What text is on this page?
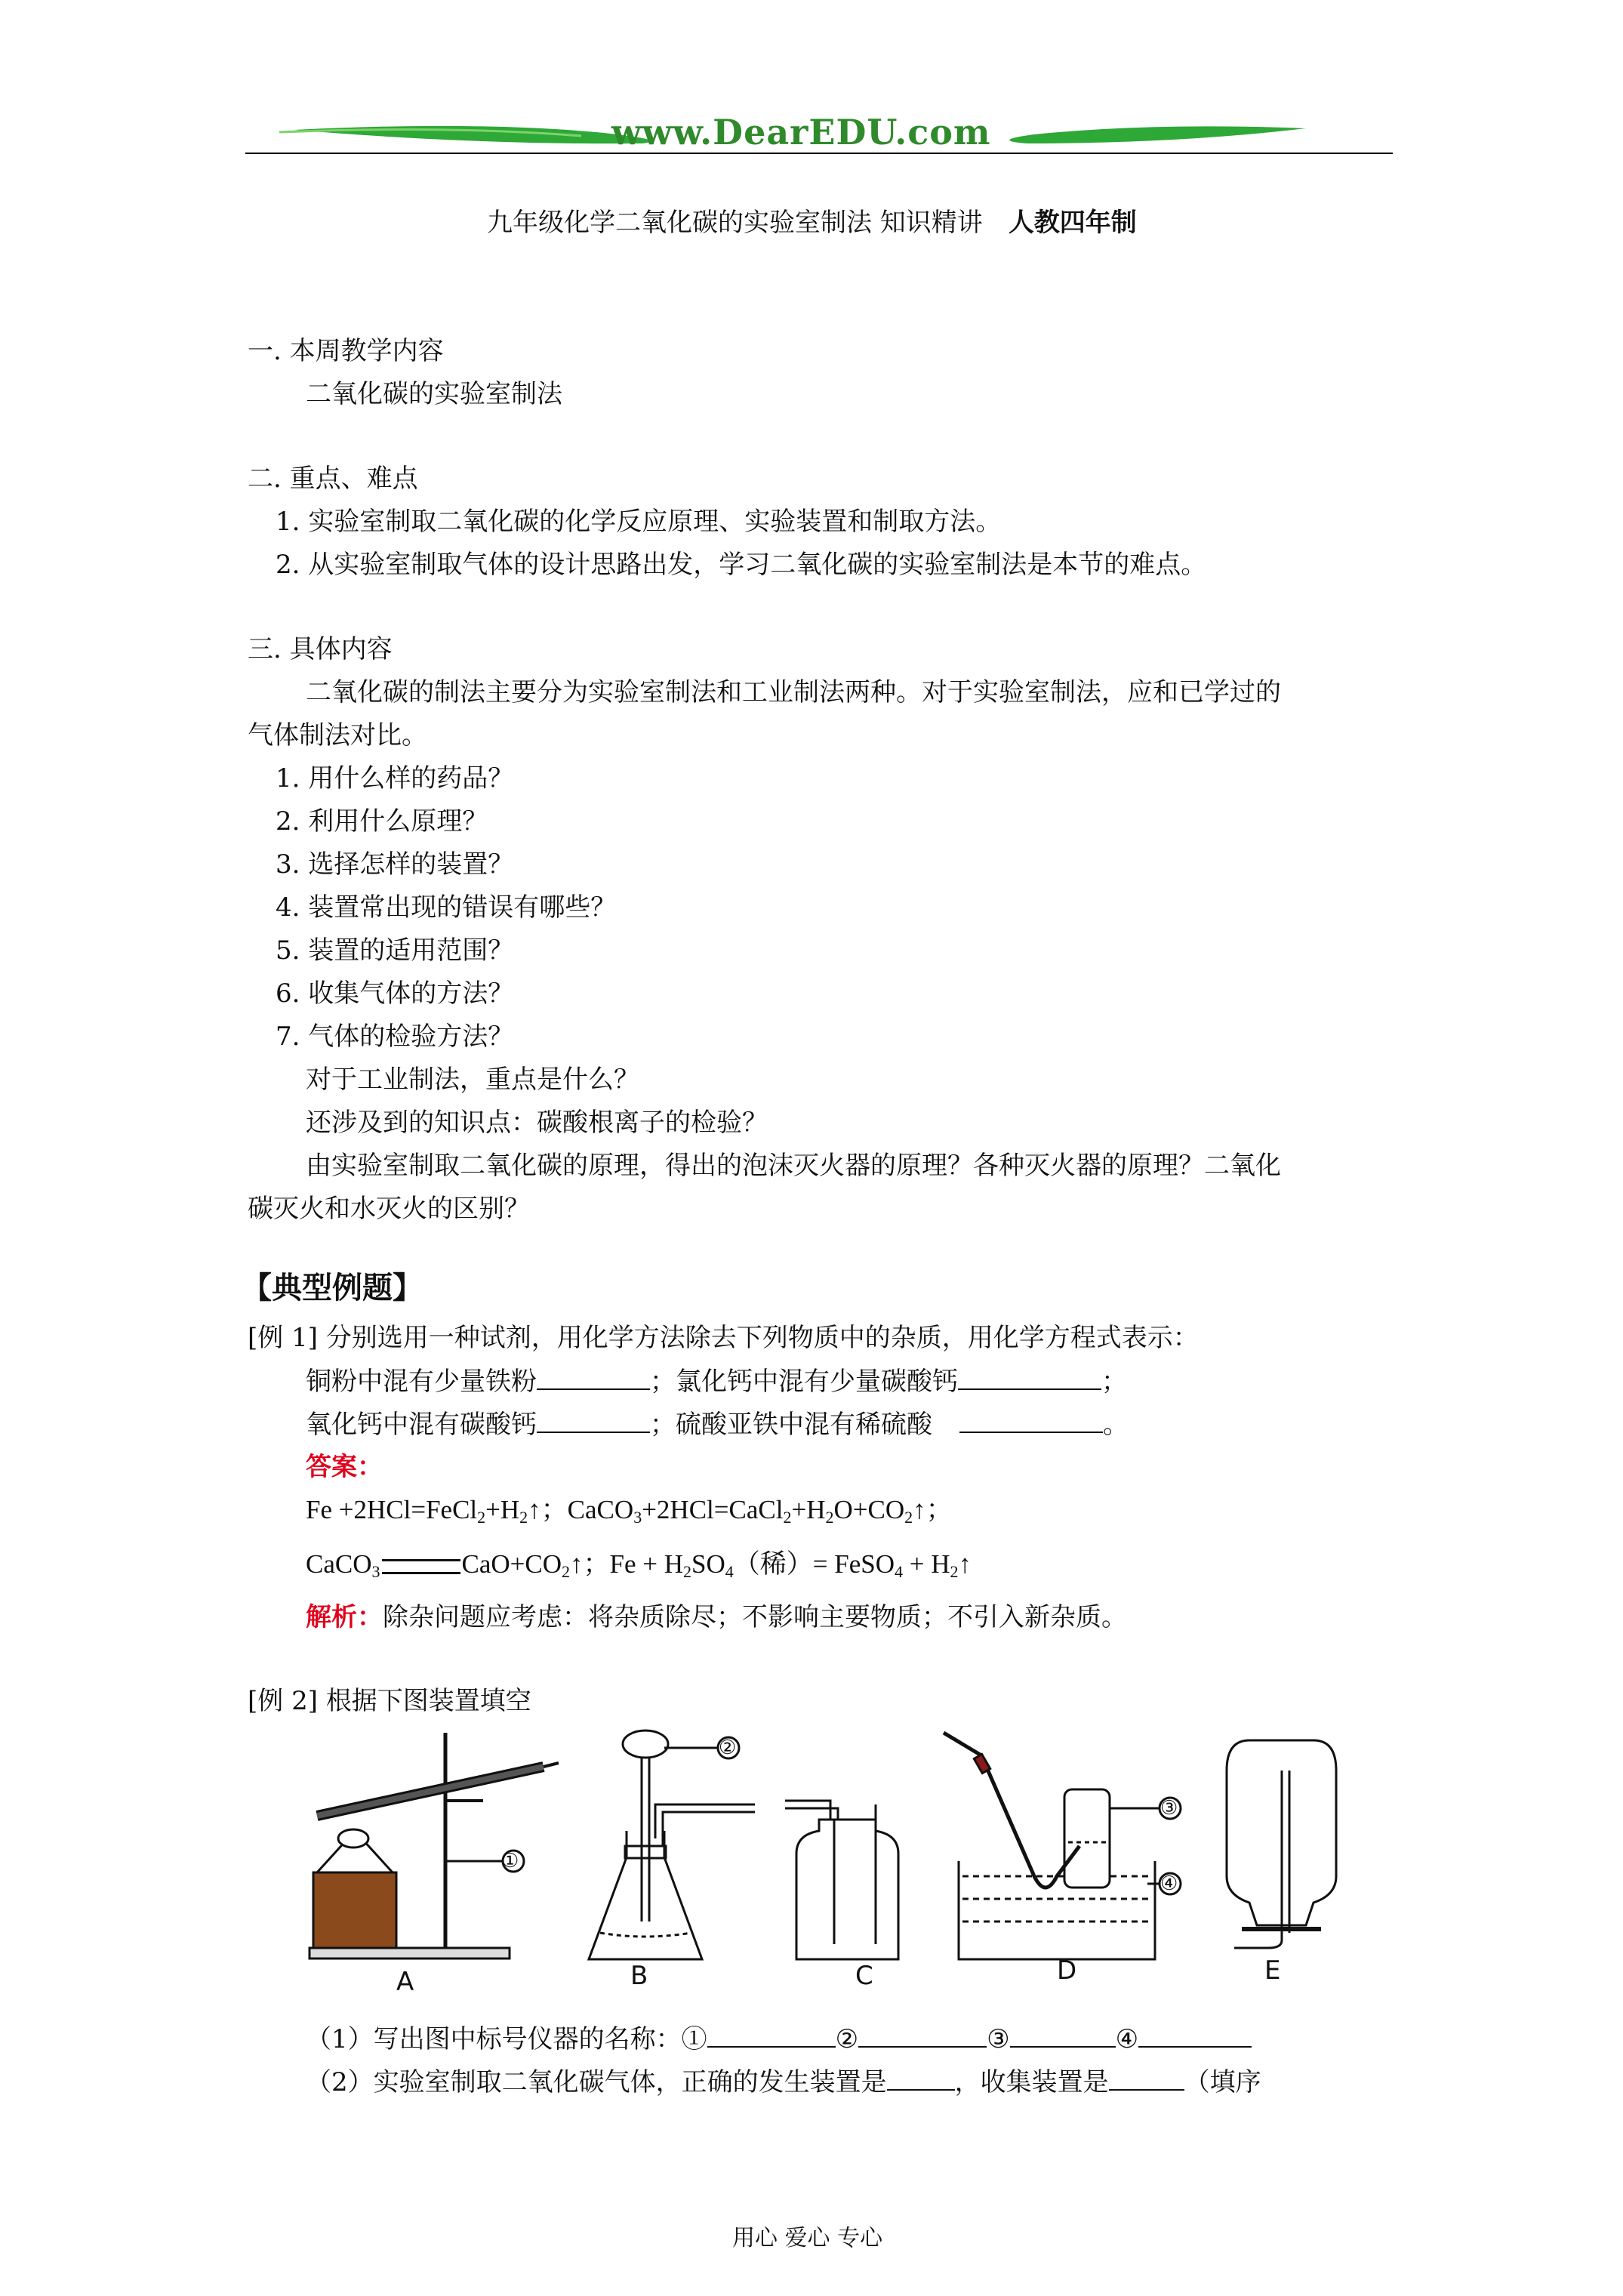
www.DearEDU.com
九年级化学二氧化碳的实验室制法 知识精讲 人教四年制
一. 本周教学内容
二氧化碳的实验室制法
二. 重点、难点
1. 实验室制取二氧化碳的化学反应原理、实验装置和制取方法。
2. 从实验室制取气体的设计思路出发，学习二氧化碳的实验室制法是本节的难点。
三. 具体内容
二氧化碳的制法主要分为实验室制法和工业制法两种。对于实验室制法，应和已学过的
气体制法对比。
1. 用什么样的药品？
2. 利用什么原理？
3. 选择怎样的装置？
4. 装置常出现的错误有哪些？
5. 装置的适用范围？
6. 收集气体的方法？
7. 气体的检验方法？
对于工业制法，重点是什么？
还涉及到的知识点：碳酸根离子的检验？
由实验室制取二氧化碳的原理，得出的泡沫灭火器的原理？各种灭火器的原理？二氧化
碳灭火和水灭火的区别？
【典型例题】
[例 1] 分别选用一种试剂，用化学方法除去下列物质中的杂质，用化学方程式表示：
铜粉中混有少量铁粉	；氯化钙中混有少量碳酸钙	；
氧化钙中混有碳酸钙	；硫酸亚铁中混有稀硫酸	。
答案：
$Fe +2HCl=FeCl_2+H_2↑$；$CaCO_3+2HCl=CaCl_2+H_2O+CO_2↑$；
CaCO$_3$	$CaO+CO_2↑$；$Fe + H_2SO_4$（稀）= FeSO$_4$ + $H_2↑$
解析：除杂问题应考虑：将杂质除尽；不影响主要物质；不引入新杂质。
[例 2] 根据下图装置填空
A	B	C	D	E
①
②
③
④
（1）写出图中标号仪器的名称：①	②	③	④
（2）实验室制取二氧化碳气体，正确的发生装置是	，收集装置是	（填序
用心 爱心 专心
